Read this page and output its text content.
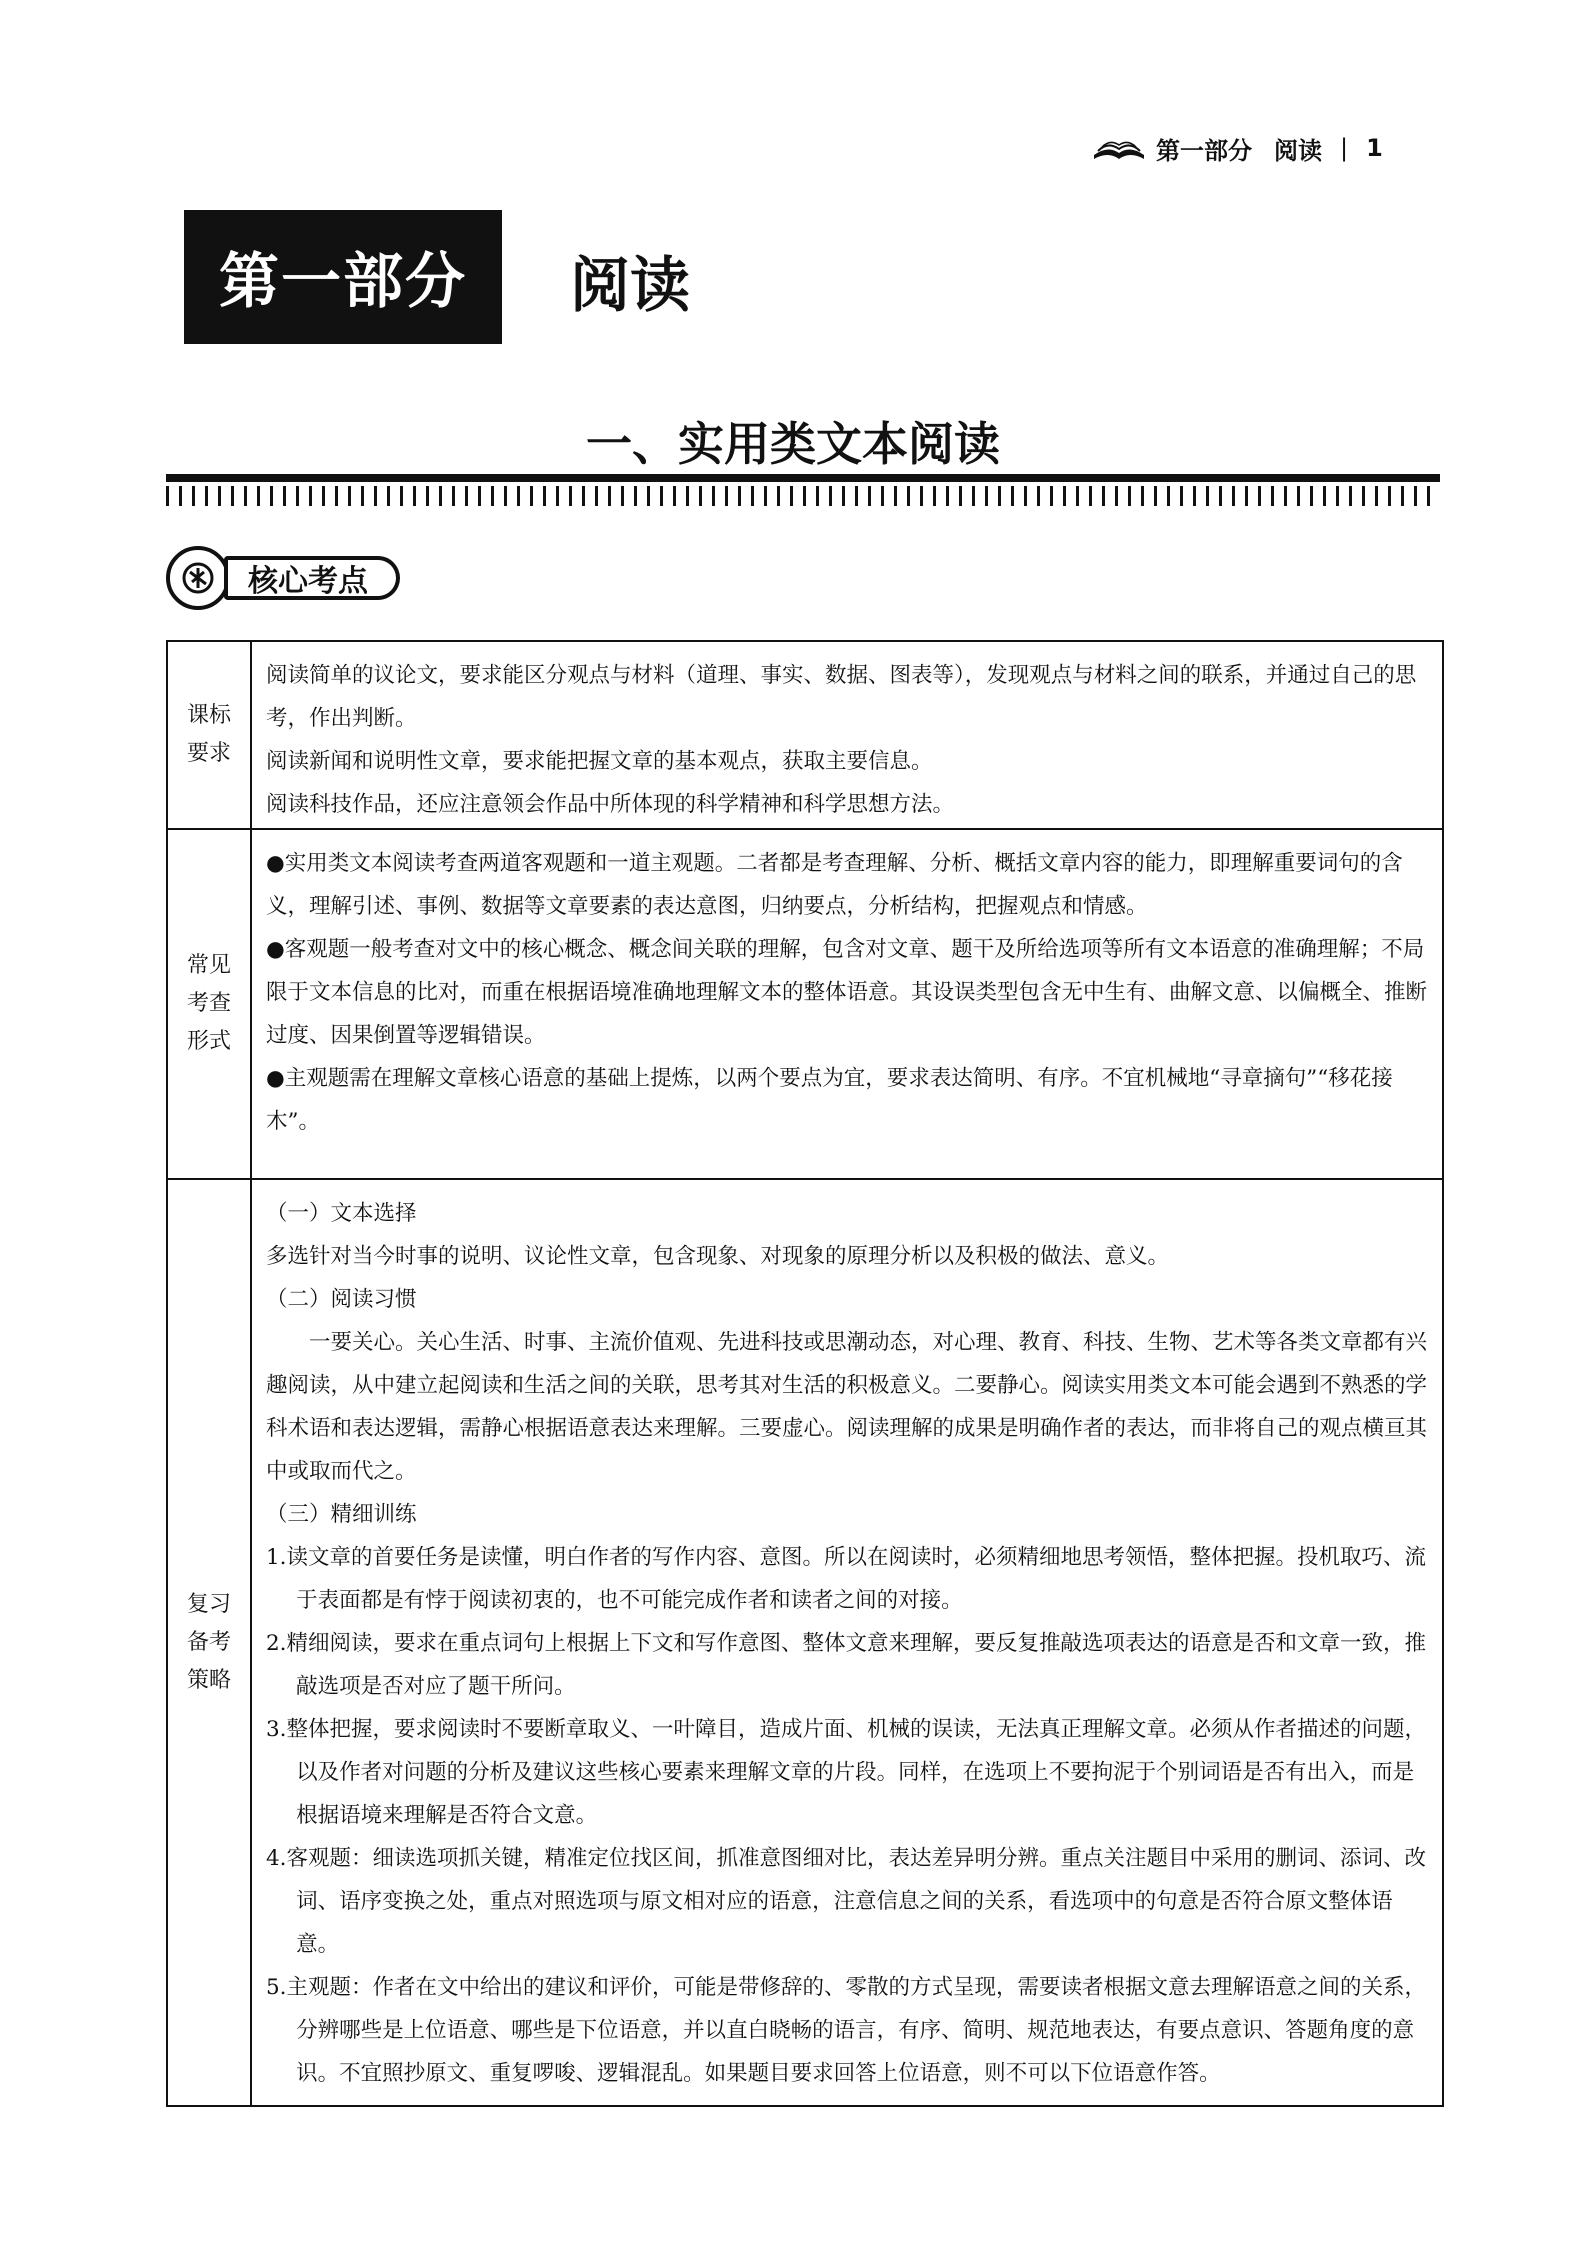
第一部分 阅读 | 1
第一部分 阅读
一、实用类文本阅读
核心考点
课标要求

阅读简单的议论文，要求能区分观点与材料（道理、事实、数据、图表等），发现观点与材料之间的联系，并通过自己的思考，作出判断。

阅读新闻和说明性文章，要求能把握文章的基本观点，获取主要信息。

阅读科技作品，还应注意领会作品中所体现的科学精神和科学思想方法。

常见考查形式

●实用类文本阅读考查两道客观题和一道主观题。二者都是考查理解、分析、概括文章内容的能力，即理解重要词句的含义，理解引述、事例、数据等文章要素的表达意图，归纳要点，分析结构，把握观点和情感。

●客观题一般考查对文中的核心概念、概念间关联的理解，包含对文章、题干及所给选项等所有文本语意的准确理解；不局限于文本信息的比对，而重在根据语境准确地理解文本的整体语意。其设误类型包含无中生有、曲解文意、以偏概全、推断过度、因果倒置等逻辑错误。

●主观题需在理解文章核心语意的基础上提炼，以两个要点为宜，要求表达简明、有序。不宜机械地“寻章摘句”“移花接木”。

复习备考策略

（一）文本选择

多选针对当今时事的说明、议论性文章，包含现象、对现象的原理分析以及积极的做法、意义。

（二）阅读习惯

一要关心。关心生活、时事、主流价值观、先进科技或思潮动态，对心理、教育、科技、生物、艺术等各类文章都有兴趣阅读，从中建立起阅读和生活之间的关联，思考其对生活的积极意义。二要静心。阅读实用类文本可能会遇到不熟悉的学科术语和表达逻辑，需静心根据语意表达来理解。三要虚心。阅读理解的成果是明确作者的表达，而非将自己的观点横亘其中或取而代之。

（三）精细训练

1.读文章的首要任务是读懂，明白作者的写作内容、意图。所以在阅读时，必须精细地思考领悟，整体把握。投机取巧、流于表面都是有悖于阅读初衷的，也不可能完成作者和读者之间的对接。

2.精细阅读，要求在重点词句上根据上下文和写作意图、整体文意来理解，要反复推敲选项表达的语意是否和文章一致，推敲选项是否对应了题干所问。

3.整体把握，要求阅读时不要断章取义、一叶障目，造成片面、机械的误读，无法真正理解文章。必须从作者描述的问题，以及作者对问题的分析及建议这些核心要素来理解文章的片段。同样，在选项上不要拘泥于个别词语是否有出入，而是根据语境来理解是否符合文意。

4.客观题：细读选项抓关键，精准定位找区间，抓准意图细对比，表达差异明分辨。重点关注题目中采用的删词、添词、改词、语序变换之处，重点对照选项与原文相对应的语意，注意信息之间的关系，看选项中的句意是否符合原文整体语意。

5.主观题：作者在文中给出的建议和评价，可能是带修辞的、零散的方式呈现，需要读者根据文意去理解语意之间的关系，分辨哪些是上位语意、哪些是下位语意，并以直白晓畅的语言，有序、简明、规范地表达，有要点意识、答题角度的意识。不宜照抄原文、重复啰唆、逻辑混乱。如果题目要求回答上位语意，则不可以下位语意作答。
